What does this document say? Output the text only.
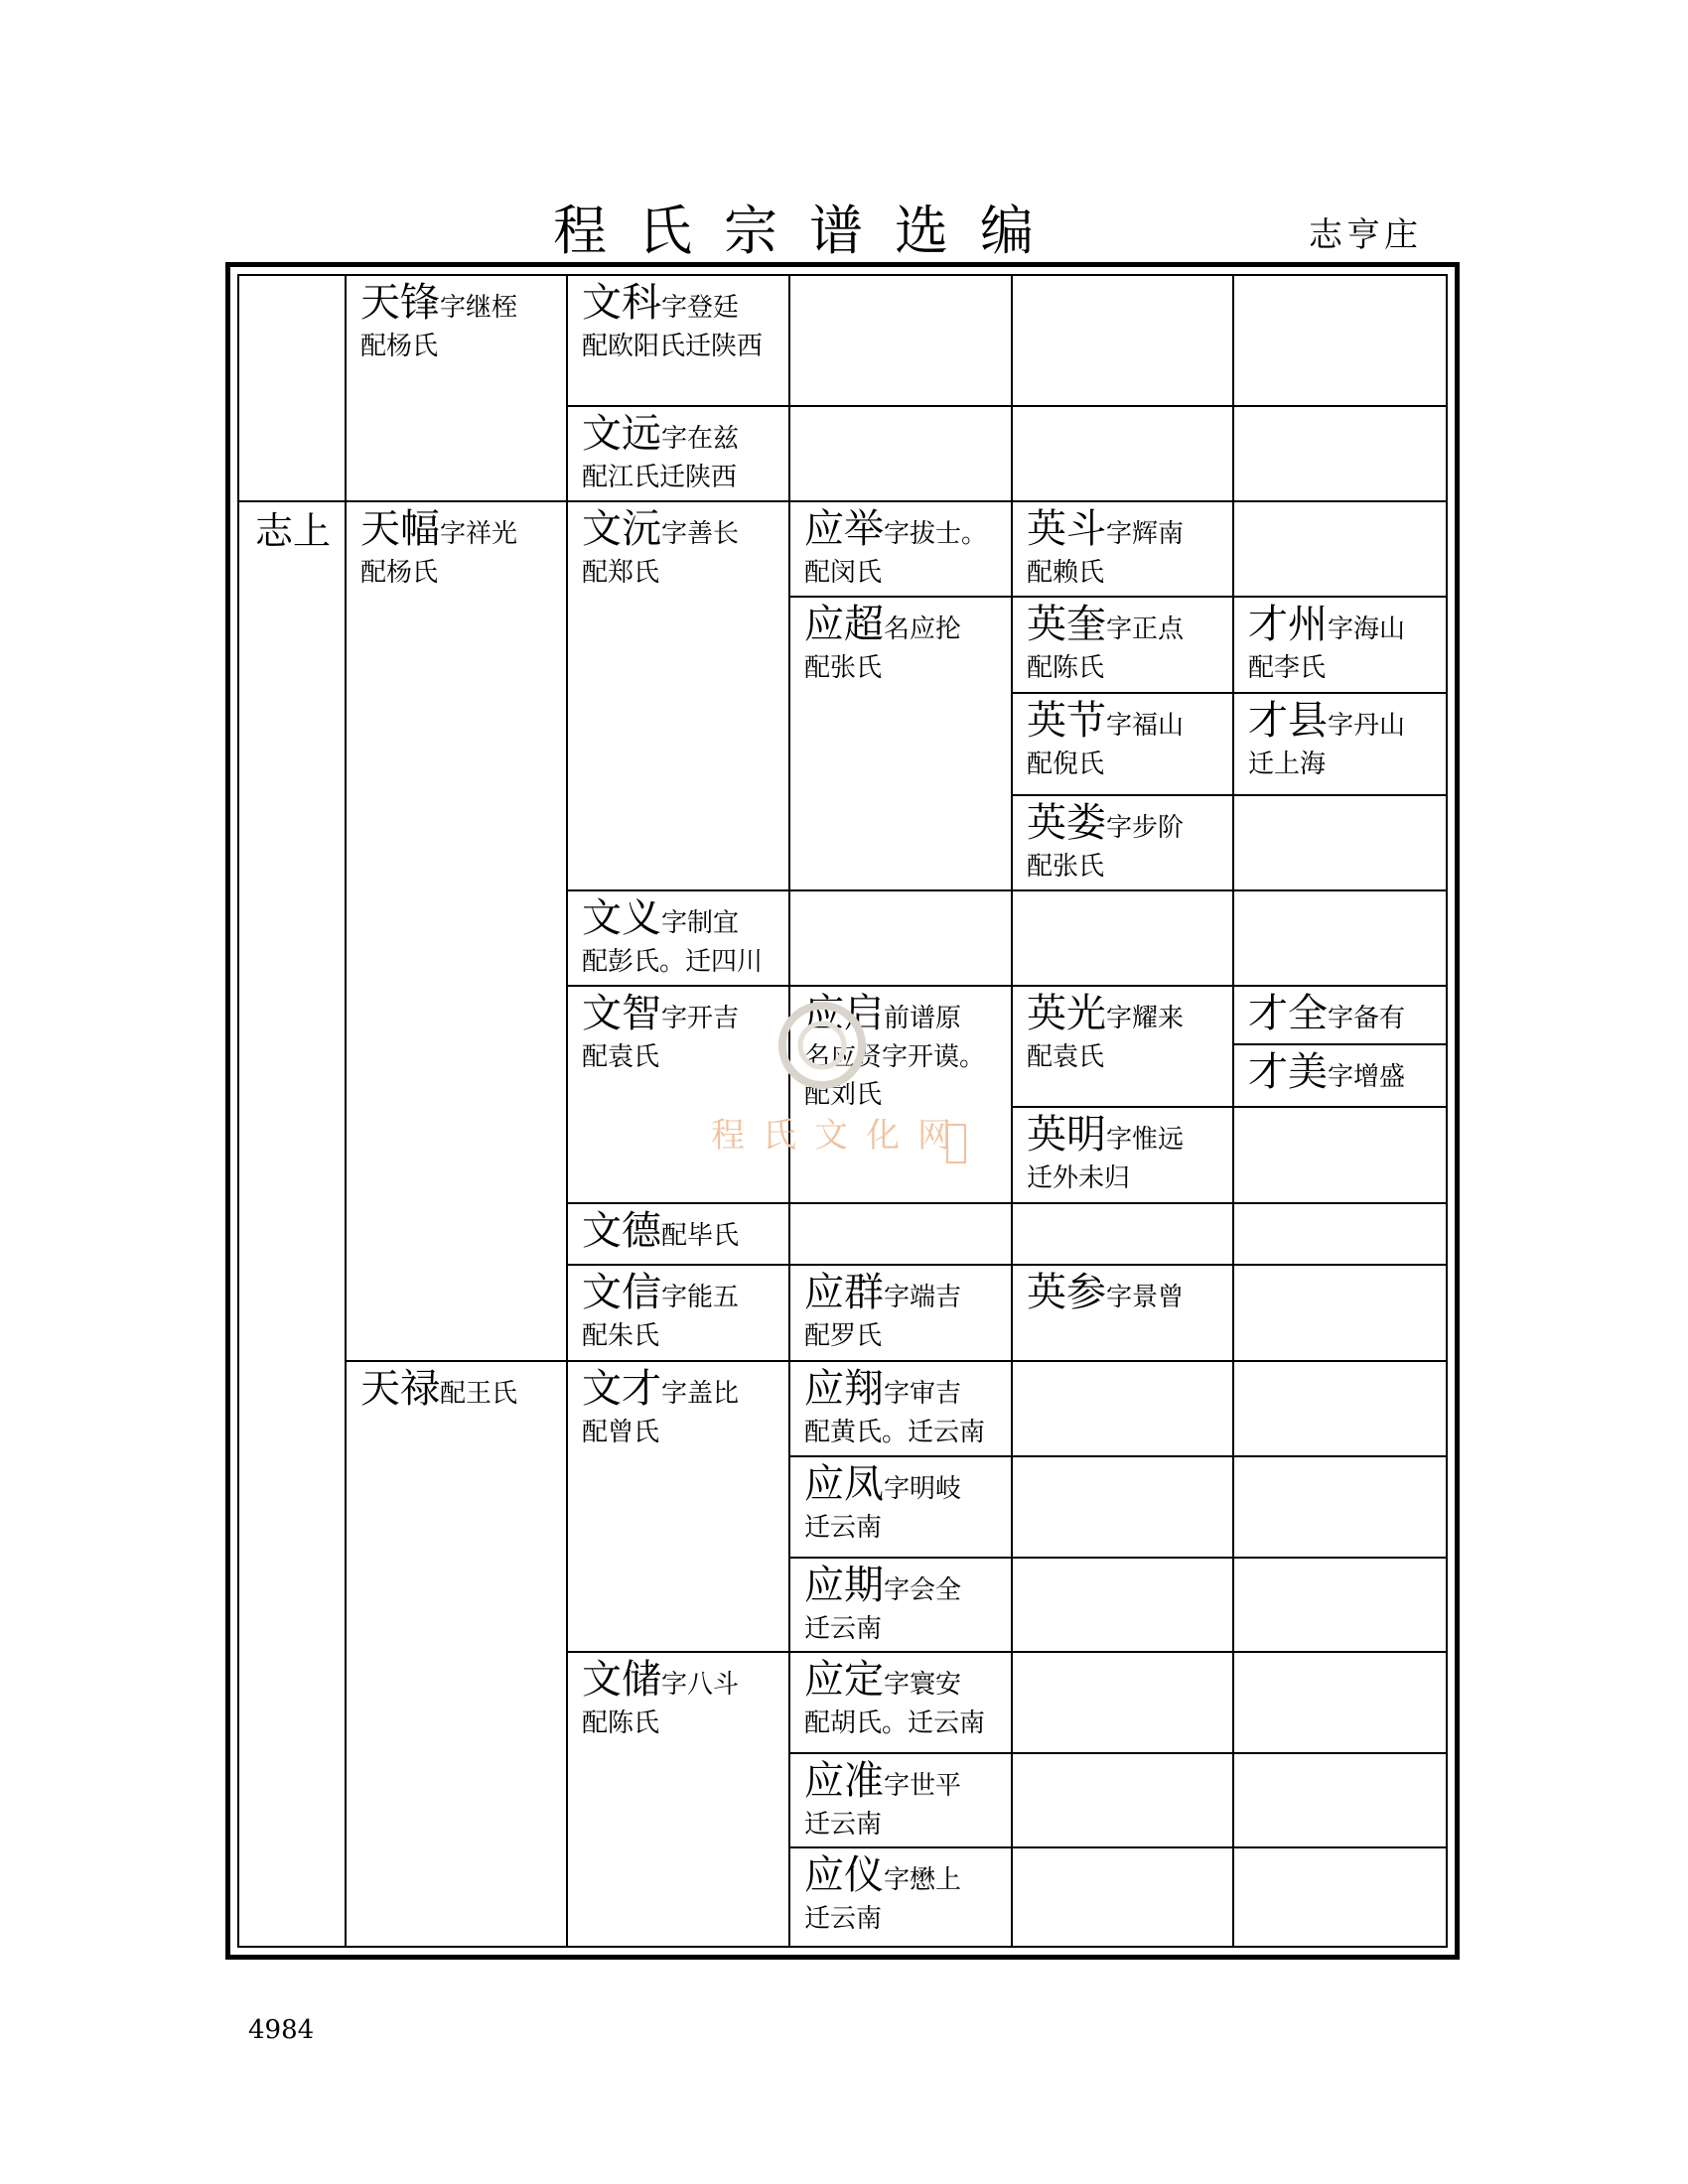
程氏宗谱选编	志亨庄
志上
天锋字继桎
配杨氏
天幅字祥光
配杨氏
天禄配王氏
文科字登廷
配欧阳氏迁陕西
文远字在兹
配江氏迁陕西
文沅字善长
配郑氏
文义字制宜
配彭氏。迁四川
文智字开吉
配袁氏
文德配毕氏
文信字能五
配朱氏
文才字盖比
配曾氏
文储字八斗
配陈氏
应举字拔士。
配闵氏
应超名应抡
配张氏
应启前谱原
名应贤字开谟。配刘氏
应群字端吉
配罗氏
应翔字审吉
配黄氏。迁云南
应凤字明岐
迁云南
应期字会全
迁云南
应定字寰安
配胡氏。迁云南
应准字世平
迁云南
应仪字懋上
迁云南
英斗字辉南
配赖氏
英奎字正点
配陈氏
英节字福山
配倪氏
英娄字步阶
配张氏
英光字耀来
配袁氏
英明字惟远
迁外未归
英参字景曾
才州字海山
配李氏
才县字丹山
迁上海
才全字备有
才美字增盛
程氏文化网
4984
